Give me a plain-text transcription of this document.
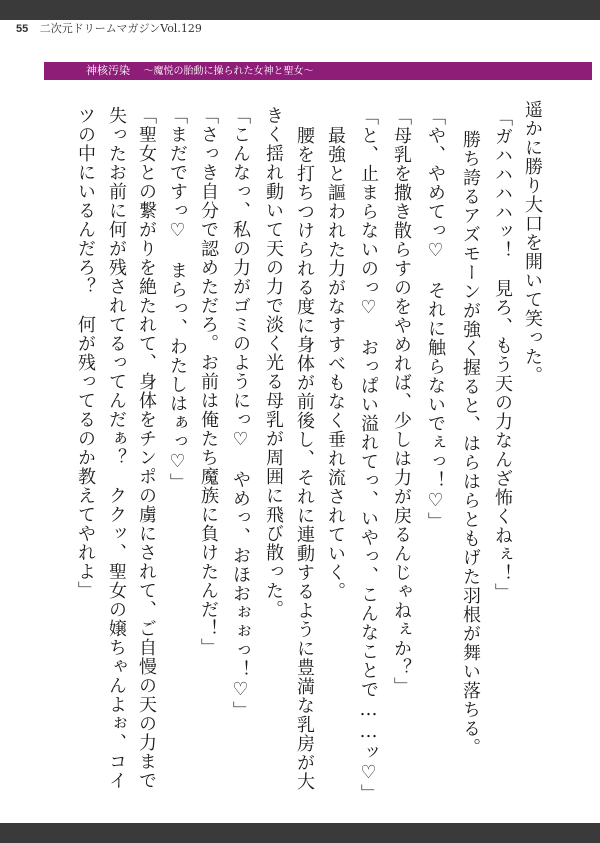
55 二次元ドリームマガジンVol.129
神核汚染 〜魔悦の胎動に操られた女神と聖女〜
遥かに勝り大口を開いて笑った。
「ガハハハハッ！　見ろ、もう天の力なんざ怖くねぇ！」
勝ち誇るアズモーンが強く握ると、はらはらともげた羽根が舞い落ちる。
「や、やめてっ♡　それに触らないでぇっ！♡」
「母乳を撒き散らすのをやめれば、少しは力が戻るんじゃねぇか？」
「と、止まらないのっ♡　おっぱい溢れてっ、いやっ、こんなことで……ッ♡」
最強と謳われた力がなすすべもなく垂れ流されていく。
腰を打ちつけられる度に身体が前後し、それに連動するように豊満な乳房が大
きく揺れ動いて天の力で淡く光る母乳が周囲に飛び散った。
「こんなっ、私の力がゴミのようにっ♡　やめっ、おほおぉぉっ！♡」
「さっき自分で認めただろ。お前は俺たち魔族に負けたんだ！」
「まだですっ♡　まらっ、わたしはぁっ♡」
「聖女との繋がりを絶たれて、身体をチンポの虜にされて、ご自慢の天の力まで
失ったお前に何が残されてるってんだぁ？　ククッ、聖女の嬢ちゃんよぉ、コイ
ツの中にいるんだろ？　何が残ってるのか教えてやれよ」
